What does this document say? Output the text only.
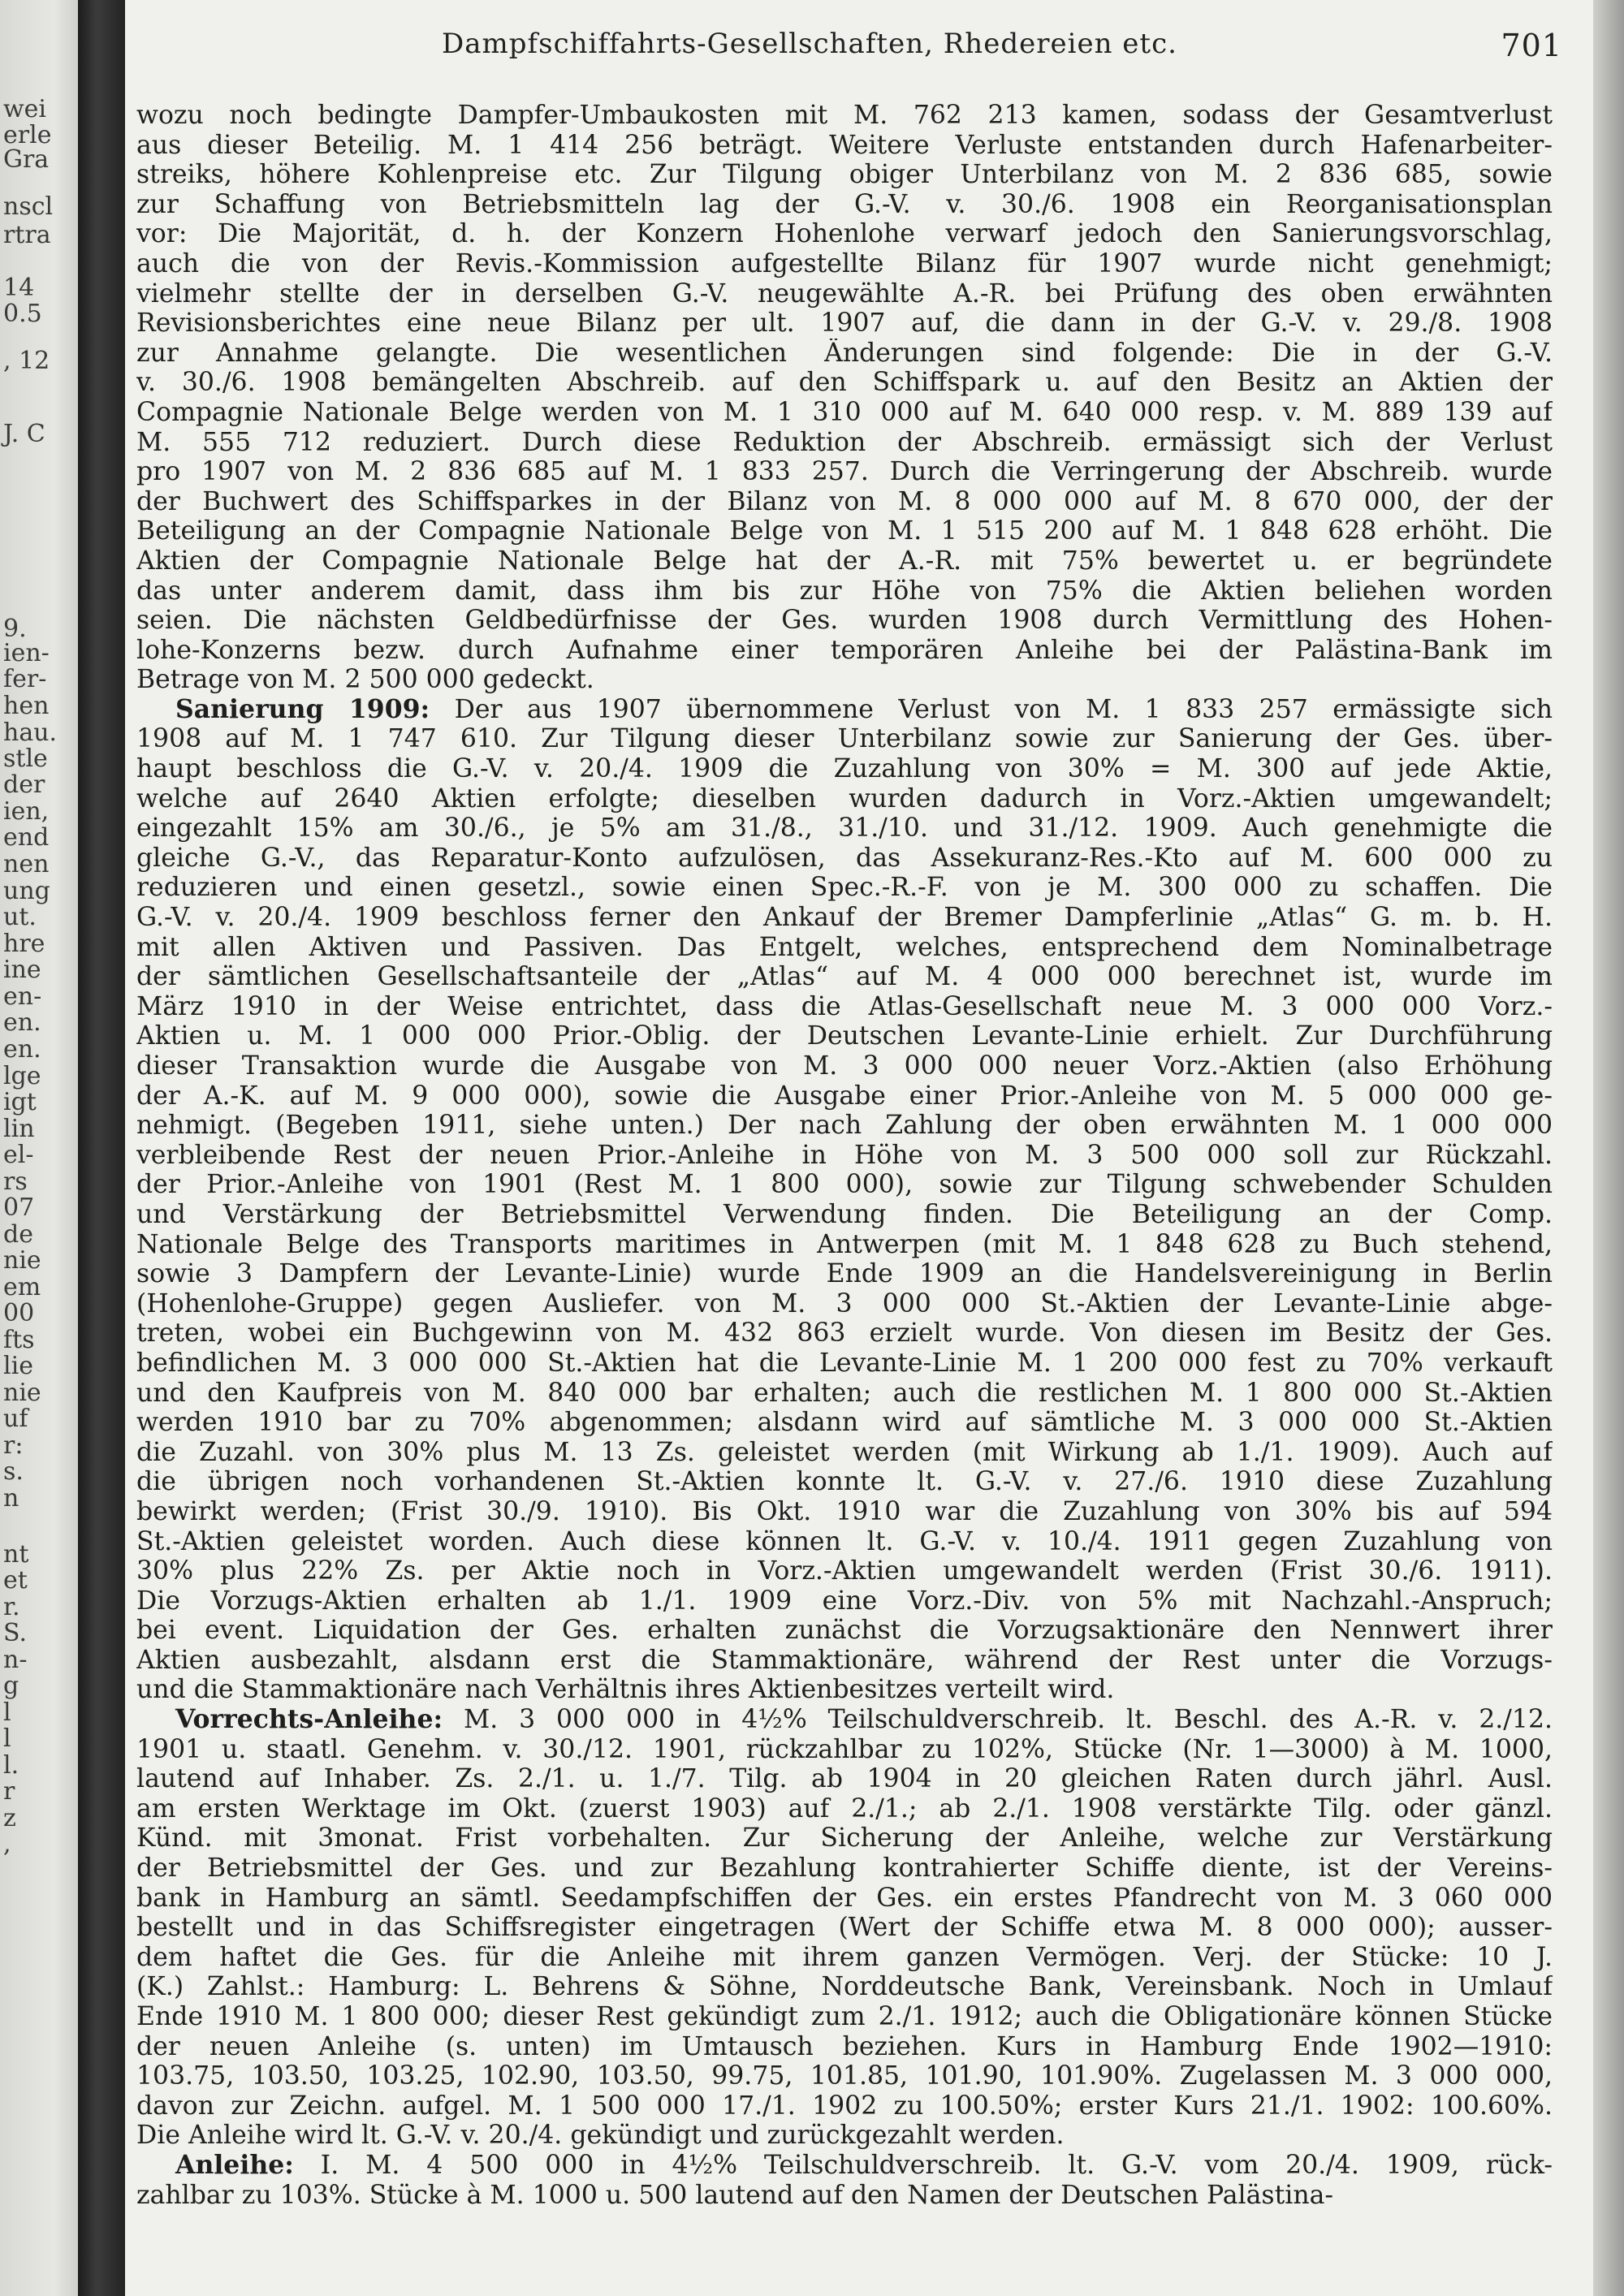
wei
erle
Gra
nscl
rtra
14
0.5
, 12
J. C
9.
ien-
fer-
hen
hau.
stle
der
ien,
end
nen
ung
ut.
hre
ine
en-
en.
en.
lge
igt
lin
el-
rs
07
de
nie
em
00
fts
lie
nie
uf
r:
s.
n
nt
et
r.
S.
n-
g
l
l
l.
r
z
,
Dampfschiffahrts-Gesellschaften, Rhedereien etc.	701
wozu noch bedingte Dampfer-Umbaukosten mit M. 762 213 kamen, sodass der Gesamtverlust
aus dieser Beteilig. M. 1 414 256 beträgt. Weitere Verluste entstanden durch Hafenarbeiter-
streiks, höhere Kohlenpreise etc. Zur Tilgung obiger Unterbilanz von M. 2 836 685, sowie
zur Schaffung von Betriebsmitteln lag der G.-V. v. 30./6. 1908 ein Reorganisationsplan
vor: Die Majorität, d. h. der Konzern Hohenlohe verwarf jedoch den Sanierungsvorschlag,
auch die von der Revis.-Kommission aufgestellte Bilanz für 1907 wurde nicht genehmigt;
vielmehr stellte der in derselben G.-V. neugewählte A.-R. bei Prüfung des oben erwähnten
Revisionsberichtes eine neue Bilanz per ult. 1907 auf, die dann in der G.-V. v. 29./8. 1908
zur Annahme gelangte. Die wesentlichen Änderungen sind folgende: Die in der G.-V.
v. 30./6. 1908 bemängelten Abschreib. auf den Schiffspark u. auf den Besitz an Aktien der
Compagnie Nationale Belge werden von M. 1 310 000 auf M. 640 000 resp. v. M. 889 139 auf
M. 555 712 reduziert. Durch diese Reduktion der Abschreib. ermässigt sich der Verlust
pro 1907 von M. 2 836 685 auf M. 1 833 257. Durch die Verringerung der Abschreib. wurde
der Buchwert des Schiffsparkes in der Bilanz von M. 8 000 000 auf M. 8 670 000, der der
Beteiligung an der Compagnie Nationale Belge von M. 1 515 200 auf M. 1 848 628 erhöht. Die
Aktien der Compagnie Nationale Belge hat der A.-R. mit 75% bewertet u. er begründete
das unter anderem damit, dass ihm bis zur Höhe von 75% die Aktien beliehen worden
seien. Die nächsten Geldbedürfnisse der Ges. wurden 1908 durch Vermittlung des Hohen-
lohe-Konzerns bezw. durch Aufnahme einer temporären Anleihe bei der Palästina-Bank im
Betrage von M. 2 500 000 gedeckt.
Sanierung 1909: Der aus 1907 übernommene Verlust von M. 1 833 257 ermässigte sich
1908 auf M. 1 747 610. Zur Tilgung dieser Unterbilanz sowie zur Sanierung der Ges. über-
haupt beschloss die G.-V. v. 20./4. 1909 die Zuzahlung von 30% = M. 300 auf jede Aktie,
welche auf 2640 Aktien erfolgte; dieselben wurden dadurch in Vorz.-Aktien umgewandelt;
eingezahlt 15% am 30./6., je 5% am 31./8., 31./10. und 31./12. 1909. Auch genehmigte die
gleiche G.-V., das Reparatur-Konto aufzulösen, das Assekuranz-Res.-Kto auf M. 600 000 zu
reduzieren und einen gesetzl., sowie einen Spec.-R.-F. von je M. 300 000 zu schaffen. Die
G.-V. v. 20./4. 1909 beschloss ferner den Ankauf der Bremer Dampferlinie „Atlas“ G. m. b. H.
mit allen Aktiven und Passiven. Das Entgelt, welches, entsprechend dem Nominalbetrage
der sämtlichen Gesellschaftsanteile der „Atlas“ auf M. 4 000 000 berechnet ist, wurde im
März 1910 in der Weise entrichtet, dass die Atlas-Gesellschaft neue M. 3 000 000 Vorz.-
Aktien u. M. 1 000 000 Prior.-Oblig. der Deutschen Levante-Linie erhielt. Zur Durchführung
dieser Transaktion wurde die Ausgabe von M. 3 000 000 neuer Vorz.-Aktien (also Erhöhung
der A.-K. auf M. 9 000 000), sowie die Ausgabe einer Prior.-Anleihe von M. 5 000 000 ge-
nehmigt. (Begeben 1911, siehe unten.) Der nach Zahlung der oben erwähnten M. 1 000 000
verbleibende Rest der neuen Prior.-Anleihe in Höhe von M. 3 500 000 soll zur Rückzahl.
der Prior.-Anleihe von 1901 (Rest M. 1 800 000), sowie zur Tilgung schwebender Schulden
und Verstärkung der Betriebsmittel Verwendung finden. Die Beteiligung an der Comp.
Nationale Belge des Transports maritimes in Antwerpen (mit M. 1 848 628 zu Buch stehend,
sowie 3 Dampfern der Levante-Linie) wurde Ende 1909 an die Handelsvereinigung in Berlin
(Hohenlohe-Gruppe) gegen Ausliefer. von M. 3 000 000 St.-Aktien der Levante-Linie abge-
treten, wobei ein Buchgewinn von M. 432 863 erzielt wurde. Von diesen im Besitz der Ges.
befindlichen M. 3 000 000 St.-Aktien hat die Levante-Linie M. 1 200 000 fest zu 70% verkauft
und den Kaufpreis von M. 840 000 bar erhalten; auch die restlichen M. 1 800 000 St.-Aktien
werden 1910 bar zu 70% abgenommen; alsdann wird auf sämtliche M. 3 000 000 St.-Aktien
die Zuzahl. von 30% plus M. 13 Zs. geleistet werden (mit Wirkung ab 1./1. 1909). Auch auf
die übrigen noch vorhandenen St.-Aktien konnte lt. G.-V. v. 27./6. 1910 diese Zuzahlung
bewirkt werden; (Frist 30./9. 1910). Bis Okt. 1910 war die Zuzahlung von 30% bis auf 594
St.-Aktien geleistet worden. Auch diese können lt. G.-V. v. 10./4. 1911 gegen Zuzahlung von
30% plus 22% Zs. per Aktie noch in Vorz.-Aktien umgewandelt werden (Frist 30./6. 1911).
Die Vorzugs-Aktien erhalten ab 1./1. 1909 eine Vorz.-Div. von 5% mit Nachzahl.-Anspruch;
bei event. Liquidation der Ges. erhalten zunächst die Vorzugsaktionäre den Nennwert ihrer
Aktien ausbezahlt, alsdann erst die Stammaktionäre, während der Rest unter die Vorzugs-
und die Stammaktionäre nach Verhältnis ihres Aktienbesitzes verteilt wird.
Vorrechts-Anleihe: M. 3 000 000 in 4½% Teilschuldverschreib. lt. Beschl. des A.-R. v. 2./12.
1901 u. staatl. Genehm. v. 30./12. 1901, rückzahlbar zu 102%, Stücke (Nr. 1—3000) à M. 1000,
lautend auf Inhaber. Zs. 2./1. u. 1./7. Tilg. ab 1904 in 20 gleichen Raten durch jährl. Ausl.
am ersten Werktage im Okt. (zuerst 1903) auf 2./1.; ab 2./1. 1908 verstärkte Tilg. oder gänzl.
Künd. mit 3monat. Frist vorbehalten. Zur Sicherung der Anleihe, welche zur Verstärkung
der Betriebsmittel der Ges. und zur Bezahlung kontrahierter Schiffe diente, ist der Vereins-
bank in Hamburg an sämtl. Seedampfschiffen der Ges. ein erstes Pfandrecht von M. 3 060 000
bestellt und in das Schiffsregister eingetragen (Wert der Schiffe etwa M. 8 000 000); ausser-
dem haftet die Ges. für die Anleihe mit ihrem ganzen Vermögen. Verj. der Stücke: 10 J.
(K.) Zahlst.: Hamburg: L. Behrens & Söhne, Norddeutsche Bank, Vereinsbank. Noch in Umlauf
Ende 1910 M. 1 800 000; dieser Rest gekündigt zum 2./1. 1912; auch die Obligationäre können Stücke
der neuen Anleihe (s. unten) im Umtausch beziehen. Kurs in Hamburg Ende 1902—1910:
103.75, 103.50, 103.25, 102.90, 103.50, 99.75, 101.85, 101.90, 101.90%. Zugelassen M. 3 000 000,
davon zur Zeichn. aufgel. M. 1 500 000 17./1. 1902 zu 100.50%; erster Kurs 21./1. 1902: 100.60%.
Die Anleihe wird lt. G.-V. v. 20./4. gekündigt und zurückgezahlt werden.
Anleihe: I. M. 4 500 000 in 4½% Teilschuldverschreib. lt. G.-V. vom 20./4. 1909, rück-
zahlbar zu 103%. Stücke à M. 1000 u. 500 lautend auf den Namen der Deutschen Palästina-
